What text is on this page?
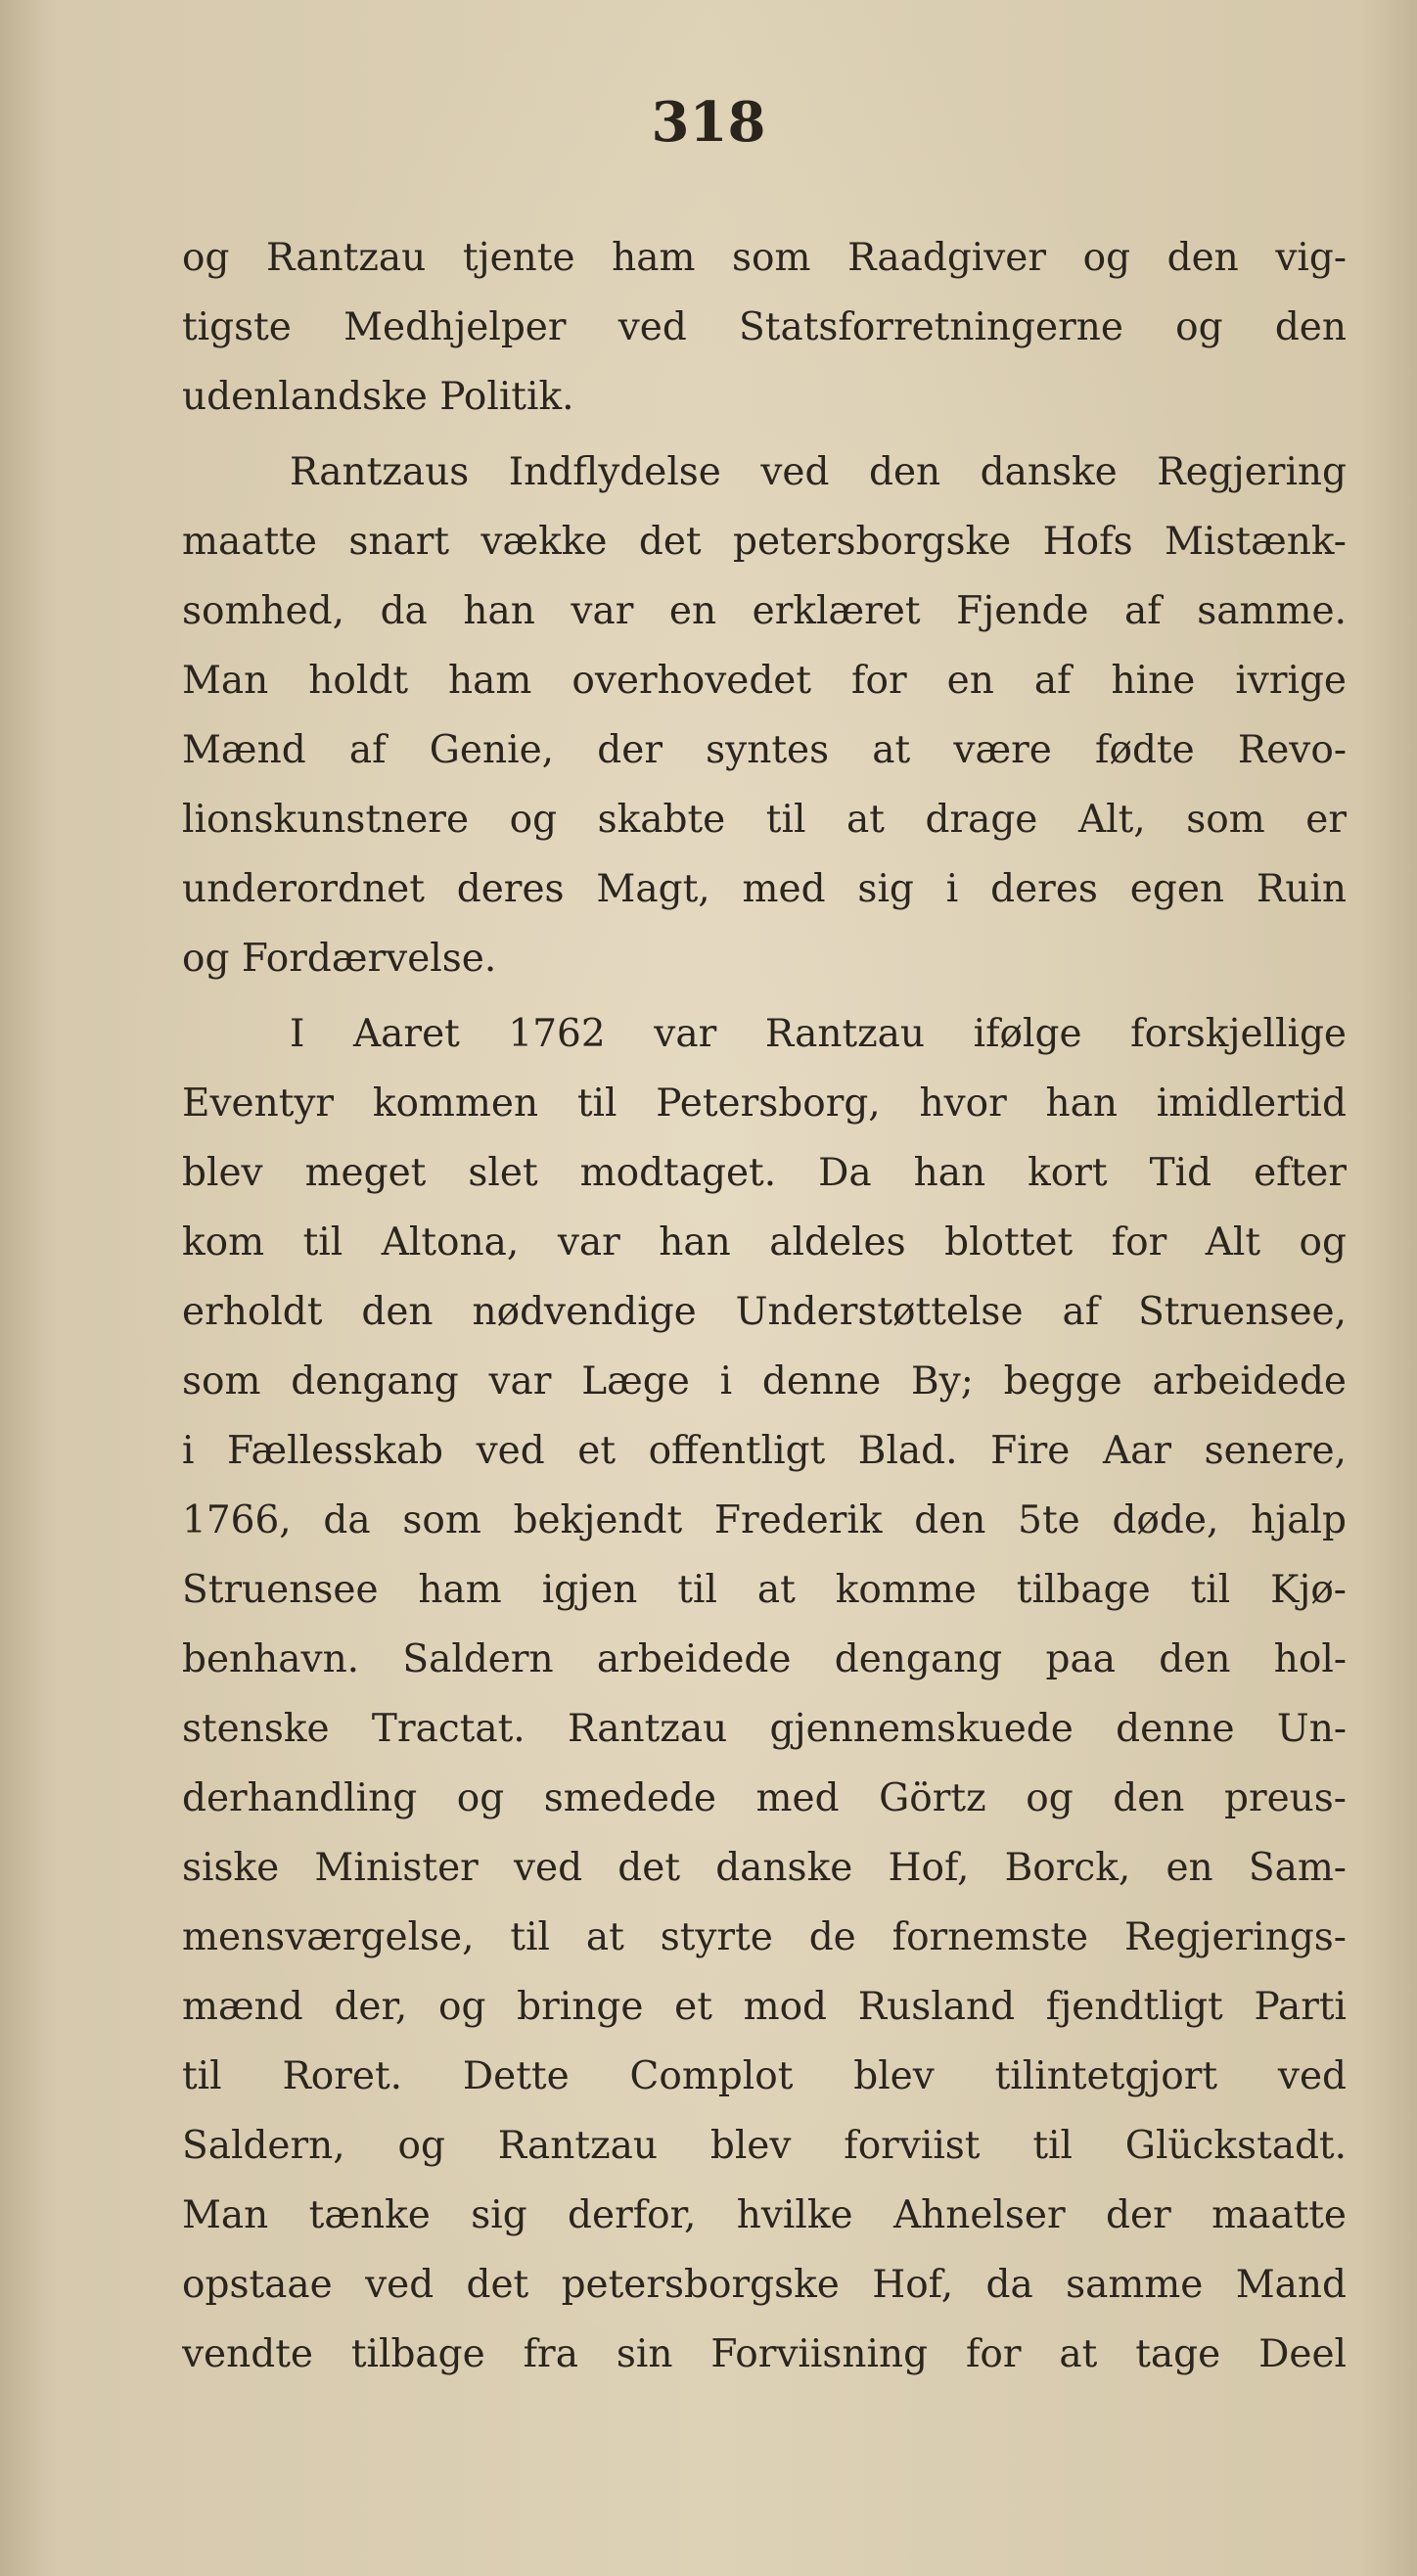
318
og Rantzau tjente ham som Raadgiver og den vig-
tigste Medhjelper ved Statsforretningerne og den
udenlandske Politik.
Rantzaus Indflydelse ved den danske Regjering
maatte snart vække det petersborgske Hofs Mistænk-
somhed, da han var en erklæret Fjende af samme.
Man holdt ham overhovedet for en af hine ivrige
Mænd af Genie, der syntes at være fødte Revo-
lionskunstnere og skabte til at drage Alt, som er
underordnet deres Magt, med sig i deres egen Ruin
og Fordærvelse.
I Aaret 1762 var Rantzau ifølge forskjellige
Eventyr kommen til Petersborg, hvor han imidlertid
blev meget slet modtaget. Da han kort Tid efter
kom til Altona, var han aldeles blottet for Alt og
erholdt den nødvendige Understøttelse af Struensee,
som dengang var Læge i denne By; begge arbeidede
i Fællesskab ved et offentligt Blad. Fire Aar senere,
1766, da som bekjendt Frederik den 5te døde, hjalp
Struensee ham igjen til at komme tilbage til Kjø-
benhavn. Saldern arbeidede dengang paa den hol-
stenske Tractat. Rantzau gjennemskuede denne Un-
derhandling og smedede med Görtz og den preus-
siske Minister ved det danske Hof, Borck, en Sam-
mensværgelse, til at styrte de fornemste Regjerings-
mænd der, og bringe et mod Rusland fjendtligt Parti
til Roret. Dette Complot blev tilintetgjort ved
Saldern, og Rantzau blev forviist til Glückstadt.
Man tænke sig derfor, hvilke Ahnelser der maatte
opstaae ved det petersborgske Hof, da samme Mand
vendte tilbage fra sin Forviisning for at tage Deel
